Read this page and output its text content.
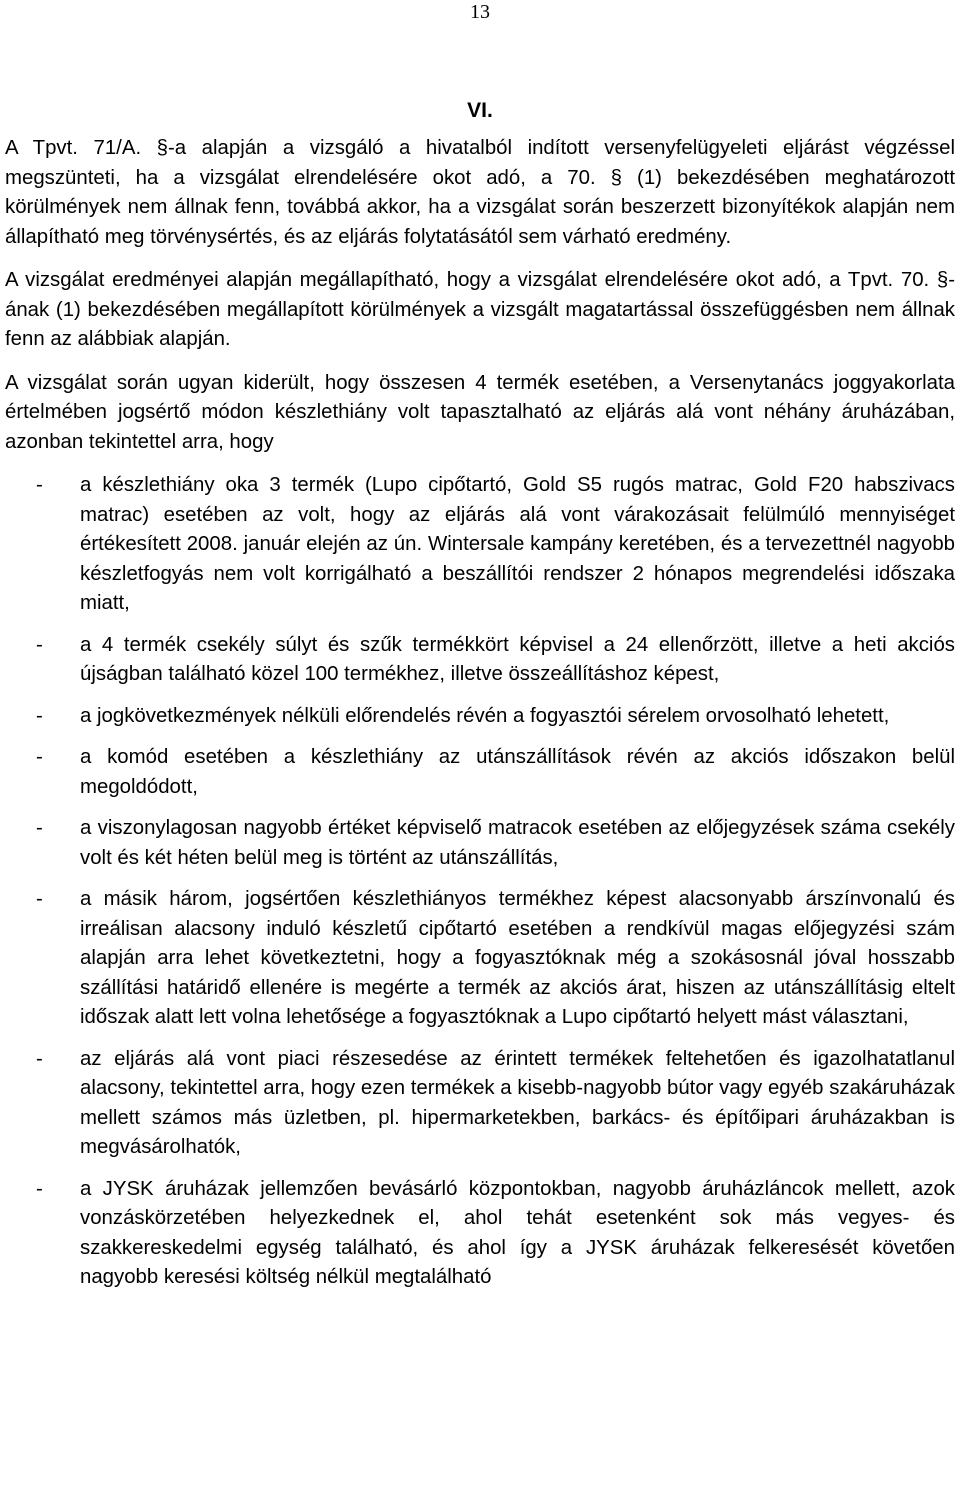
13
VI.

A Tpvt. 71/A. §-a alapján a vizsgáló a hivatalból indított versenyfelügyeleti eljárást végzéssel megszünteti, ha a vizsgálat elrendelésére okot adó, a 70. § (1) bekezdésében meghatározott körülmények nem állnak fenn, továbbá akkor, ha a vizsgálat során beszerzett bizonyítékok alapján nem állapítható meg törvénysértés, és az eljárás folytatásától sem várható eredmény.

A vizsgálat eredményei alapján megállapítható, hogy a vizsgálat elrendelésére okot adó, a Tpvt. 70. §-ának (1) bekezdésében megállapított körülmények a vizsgált magatartással összefüggésben nem állnak fenn az alábbiak alapján.

A vizsgálat során ugyan kiderült, hogy összesen 4 termék esetében, a Versenytanács joggyakorlata értelmében jogsértő módon készlethiány volt tapasztalható az eljárás alá vont néhány áruházában, azonban tekintettel arra, hogy

- a készlethiány oka 3 termék (Lupo cipőtartó, Gold S5 rugós matrac, Gold F20 habszivacs matrac) esetében az volt, hogy az eljárás alá vont várakozásait felülmúló mennyiséget értékesített 2008. január elején az ún. Wintersale kampány keretében, és a tervezettnél nagyobb készletfogyás nem volt korrigálható a beszállítói rendszer 2 hónapos megrendelési időszaka miatt,
- a 4 termék csekély súlyt és szűk termékkört képvisel a 24 ellenőrzött, illetve a heti akciós újságban található közel 100 termékhez, illetve összeállításhoz képest,
- a jogkövetkezmények nélküli előrendelés révén a fogyasztói sérelem orvosolható lehetett,
- a komód esetében a készlethiány az utánszállítások révén az akciós időszakon belül megoldódott,
- a viszonylagosan nagyobb értéket képviselő matracok esetében az előjegyzések száma csekély volt és két héten belül meg is történt az utánszállítás,
- a másik három, jogsértően készlethiányos termékhez képest alacsonyabb árszínvonalú és irreálisan alacsony induló készletű cipőtartó esetében a rendkívül magas előjegyzési szám alapján arra lehet következtetni, hogy a fogyasztóknak még a szokásosnál jóval hosszabb szállítási határidő ellenére is megérte a termék az akciós árat, hiszen az utánszállításig eltelt időszak alatt lett volna lehetősége a fogyasztóknak a Lupo cipőtartó helyett mást választani,
- az eljárás alá vont piaci részesedése az érintett termékek feltehetően és igazolhatatlanul alacsony, tekintettel arra, hogy ezen termékek a kisebb-nagyobb bútor vagy egyéb szakáruházak mellett számos más üzletben, pl. hipermarketekben, barkács- és építőipari áruházakban is megvásárolhatók,
- a JYSK áruházak jellemzően bevásárló központokban, nagyobb áruházláncok mellett, azok vonzáskörzetében helyezkednek el, ahol tehát esetenként sok más vegyes- és szakkereskedelmi egység található, és ahol így a JYSK áruházak felkeresését követően nagyobb keresési költség nélkül megtalálható
